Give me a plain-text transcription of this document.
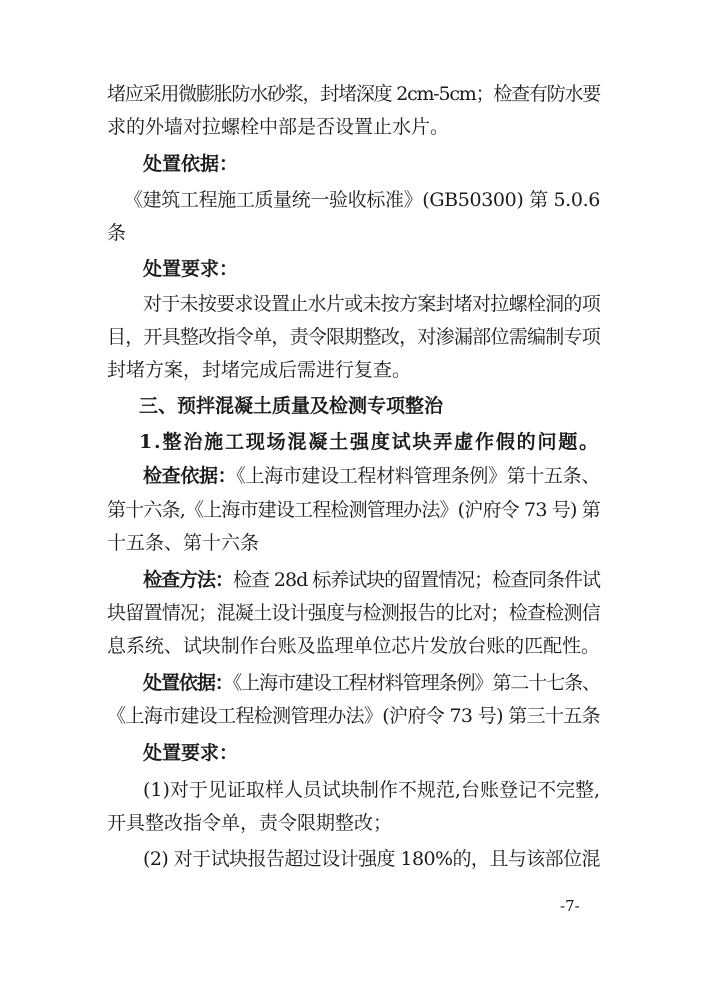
堵应采用微膨胀防水砂浆，封堵深度 2cm-5cm；检查有防水要
求的外墙对拉螺栓中部是否设置止水片。
处置依据：
《建筑工程施工质量统一验收标准》(GB50300) 第 5.0.6
条
处置要求：
对于未按要求设置止水片或未按方案封堵对拉螺栓洞的项
目，开具整改指令单，责令限期整改，对渗漏部位需编制专项
封堵方案，封堵完成后需进行复查。
三、预拌混凝土质量及检测专项整治
1.整治施工现场混凝土强度试块弄虚作假的问题。
检查依据：《上海市建设工程材料管理条例》第十五条、
第十六条,《上海市建设工程检测管理办法》(沪府令 73 号) 第
十五条、第十六条
检查方法：检查 28d 标养试块的留置情况；检查同条件试
块留置情况；混凝土设计强度与检测报告的比对；检查检测信
息系统、试块制作台账及监理单位芯片发放台账的匹配性。
处置依据：《上海市建设工程材料管理条例》第二十七条、
《上海市建设工程检测管理办法》(沪府令 73 号) 第三十五条
处置要求：
(1)对于见证取样人员试块制作不规范,台账登记不完整,
开具整改指令单，责令限期整改；
(2) 对于试块报告超过设计强度 180%的，且与该部位混
-7-
